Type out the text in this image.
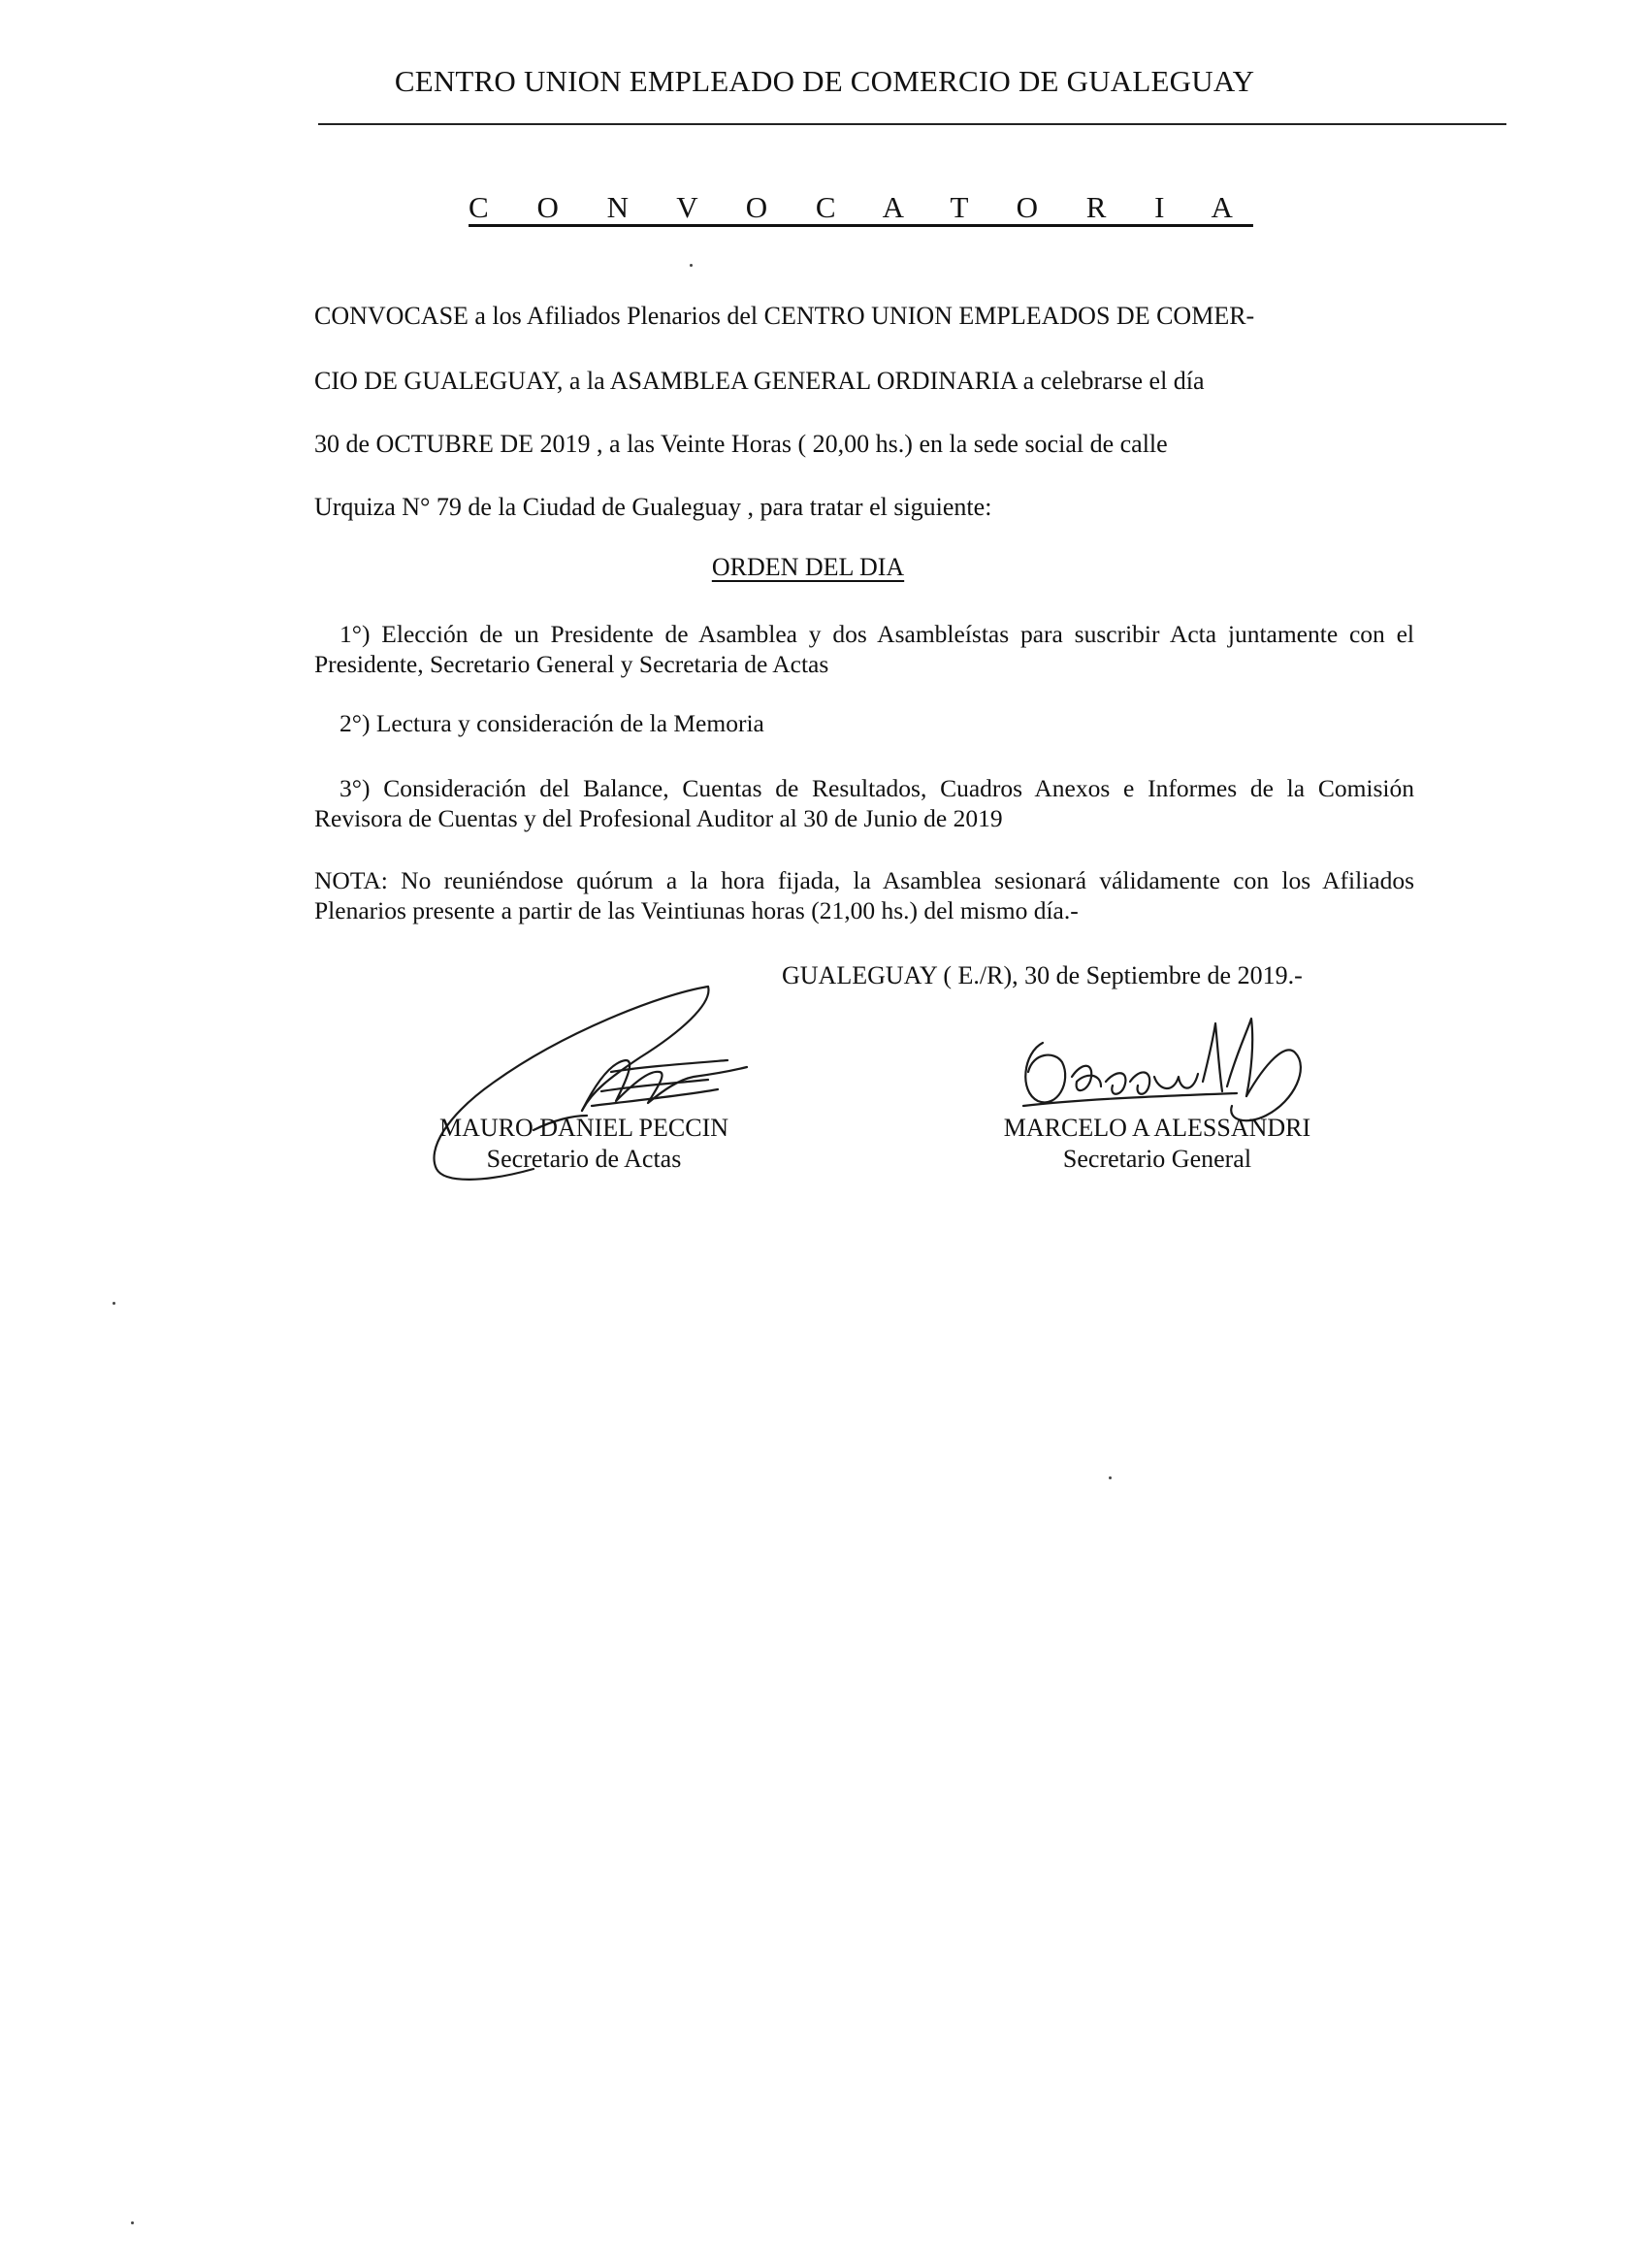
CENTRO UNION EMPLEADO DE COMERCIO DE GUALEGUAY
C O N V O C A T O R I A
CONVOCASE a los Afiliados Plenarios del CENTRO UNION EMPLEADOS DE COMER-
CIO DE GUALEGUAY, a la ASAMBLEA GENERAL ORDINARIA a celebrarse el día
30 de OCTUBRE DE 2019 , a las Veinte Horas ( 20,00 hs.) en la sede social de calle
Urquiza N° 79 de la Ciudad de Gualeguay , para tratar el siguiente:
ORDEN DEL DIA
1°) Elección de un Presidente de Asamblea y dos Asambleístas para suscribir Acta juntamente con el Presidente, Secretario General y Secretaria de Actas
2°) Lectura y consideración de la Memoria
3°) Consideración del Balance, Cuentas de Resultados, Cuadros Anexos e Informes de la Comisión Revisora de Cuentas y del Profesional Auditor al 30 de Junio de 2019
NOTA: No reuniéndose quórum a la hora fijada, la Asamblea sesionará válidamente con los Afiliados Plenarios presente a partir de las Veintiunas horas (21,00 hs.) del mismo día.-
GUALEGUAY ( E./R), 30 de Septiembre de 2019.-
MAURO DANIEL PECCIN
Secretario de Actas
MARCELO A ALESSANDRI
Secretario General
